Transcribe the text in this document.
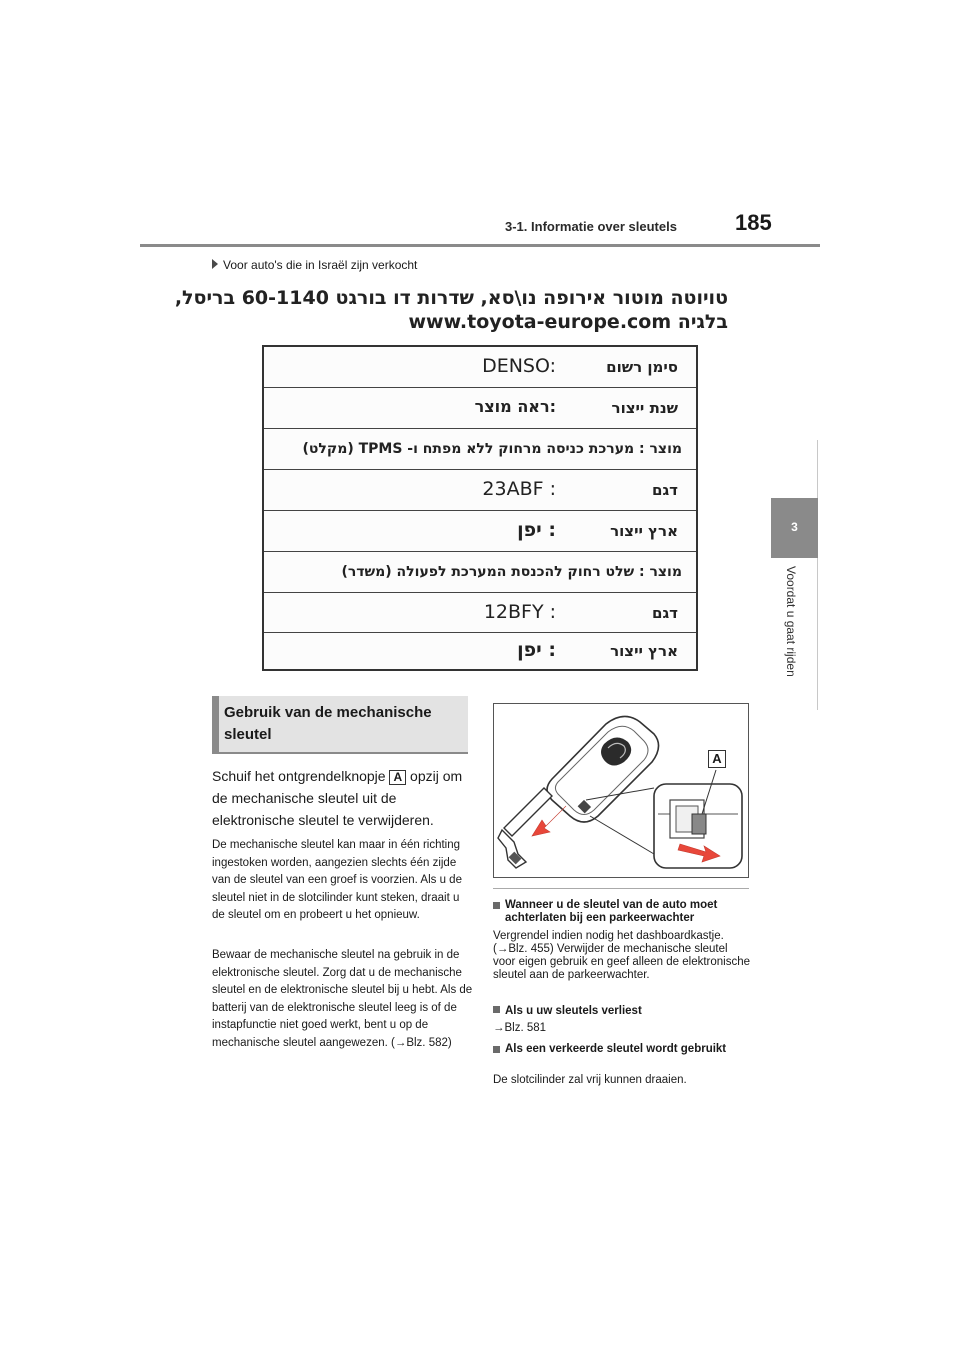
3-1. Informatie over sleutels	185
3
Voordat u gaat rijden
Voor auto's die in Israël zijn verkocht
טויוטה מוטור אירופה נו\סא, שדרות דו בורגט 60-1140 בריסל,
בלגיה www.toyota-europe.com
סימן רשום
DENSO:
שנת ייצור
ראה מוצר:
מוצר : מערכת כניסה מרחוק ללא מפתח ו- TPMS (מקלט)
דגם
23ABF :
ארץ ייצור
יפן :
מוצר : שלט רחוק להכנסת המערכת לפעולה (משדר)
דגם
12BFY :
ארץ ייצור
יפן :
Gebruik van de mechanische sleutel
Schuif het ontgrendelknopje A opzij om de mechanische sleutel uit de elektronische sleutel te verwijderen.
De mechanische sleutel kan maar in één richting ingestoken worden, aangezien slechts één zijde van de sleutel van een groef is voorzien. Als u de sleutel niet in de slotcilinder kunt steken, draait u de sleutel om en probeert u het opnieuw.
Bewaar de mechanische sleutel na gebruik in de elektronische sleutel. Zorg dat u de mechanische sleutel en de elektronische sleutel bij u hebt. Als de batterij van de elektronische sleutel leeg is of de instapfunctie niet goed werkt, bent u op de mechanische sleutel aangewezen. (→Blz. 582)
A
Wanneer u de sleutel van de auto moet achterlaten bij een parkeerwachter
Vergrendel indien nodig het dashboardkastje. (→Blz. 455) Verwijder de mechanische sleutel voor eigen gebruik en geef alleen de elektronische sleutel aan de parkeerwachter.
Als u uw sleutels verliest
→Blz. 581
Als een verkeerde sleutel wordt gebruikt
De slotcilinder zal vrij kunnen draaien.
